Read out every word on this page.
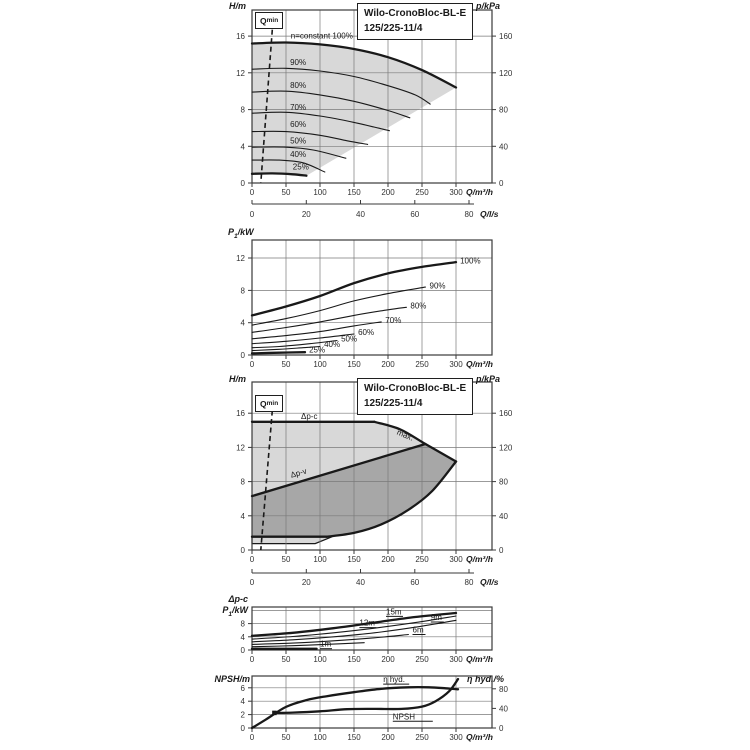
0	50	100	150	200	250	300 Q/m³/h
0
4
8
12
16
0
40
80
120
160
0	20	40	60	80 Q/l/s
n=constant 100%
90%
80%
70%
60%
50%
40%
25%
0	50	100	150	200	250	300 Q/m³/h
0
4
8
12	100%
90%
80%
70%
60%
50%
40%
25%
0	50	100	150	200	250	300 Q/m³/h
0
4
8
12
16
0
40
80
120
160
0	20	40	60	80 Q/l/s
Δp-c
max.
Δp-v
0	50	100	150	200	250	300 Q/m³/h
0
4
8
15m
12m
9m
6m
1m
0	50	100	150	200	250	300 Q/m³/h
0
2
4
6
0
40
80
η hyd.
NPSH
H/m	p/kPa
Q min
Wilo-CronoBloc-BL-E
125/225-11/4
$P_1/kW$
H/m	p/kPa
Q min
Wilo-CronoBloc-BL-E
125/225-11/4
Δp-c
$P_1/kW$
NPSH/m	η hyd./%
